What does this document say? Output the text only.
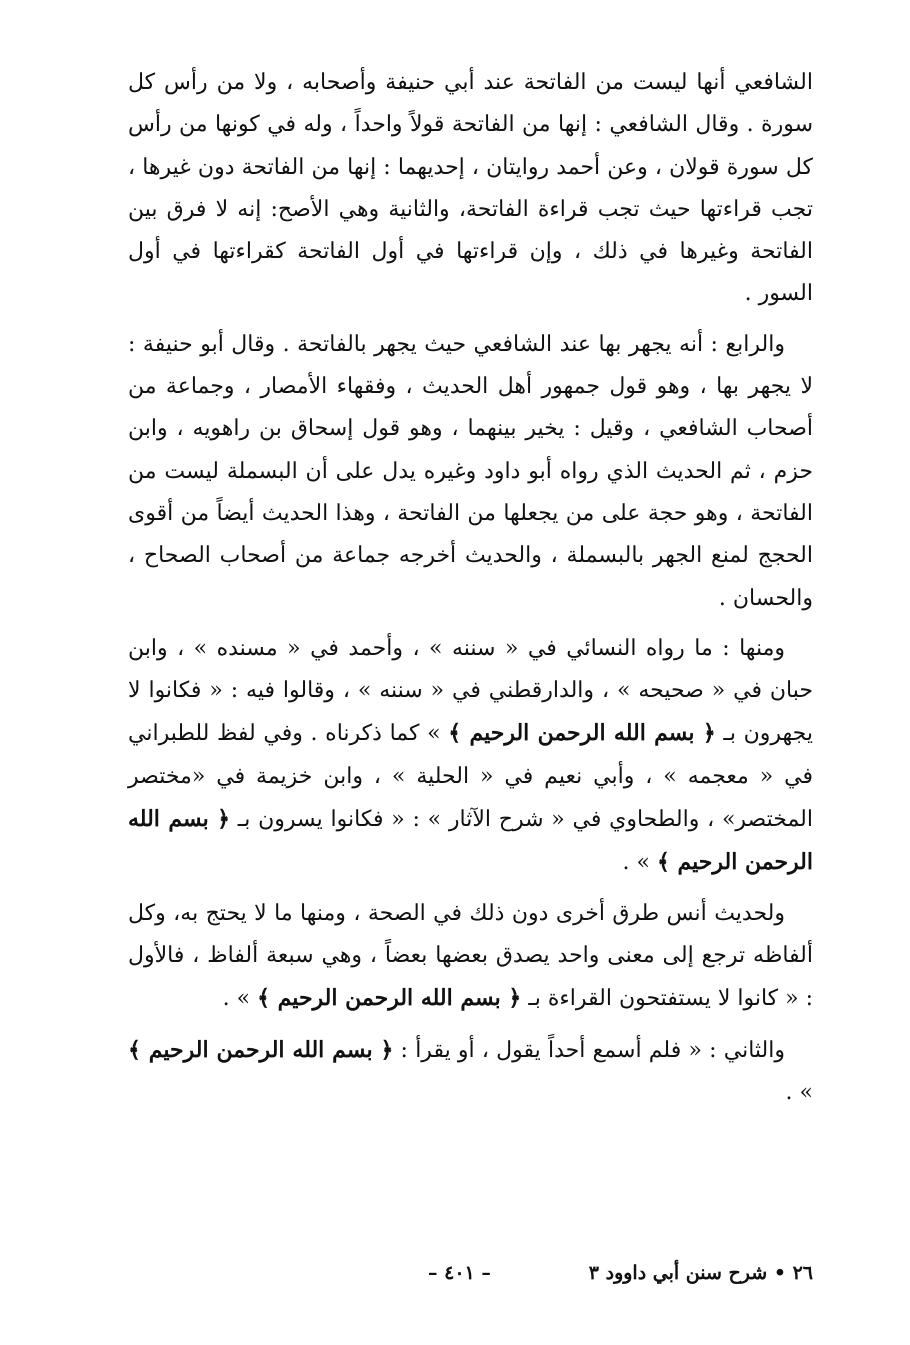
الشافعي أنها ليست من الفاتحة عند أبي حنيفة وأصحابه ، ولا من رأس كل سورة . وقال الشافعي : إنها من الفاتحة قولاً واحداً ، وله في كونها من رأس كل سورة قولان ، وعن أحمد روايتان ، إحديهما : إنها من الفاتحة دون غيرها ، تجب قراءتها حيث تجب قراءة الفاتحة، والثانية وهي الأصح: إنه لا فرق بين الفاتحة وغيرها في ذلك ، وإن قراءتها في أول الفاتحة كقراءتها في أول السور .

والرابع : أنه يجهر بها عند الشافعي حيث يجهر بالفاتحة . وقال أبو حنيفة : لا يجهر بها ، وهو قول جمهور أهل الحديث ، وفقهاء الأمصار ، وجماعة من أصحاب الشافعي ، وقيل : يخير بينهما ، وهو قول إسحاق بن راهويه ، وابن حزم ، ثم الحديث الذي رواه أبو داود وغيره يدل على أن البسملة ليست من الفاتحة ، وهو حجة على من يجعلها من الفاتحة ، وهذا الحديث أيضاً من أقوى الحجج لمنع الجهر بالبسملة ، والحديث أخرجه جماعة من أصحاب الصحاح ، والحسان .

ومنها : ما رواه النسائي في « سننه » ، وأحمد في « مسنده » ، وابن حبان في « صحيحه » ، والدارقطني في « سننه » ، وقالوا فيه : « فكانوا لا يجهرون بـ ﴿ بسم الله الرحمن الرحيم ﴾ » كما ذكرناه . وفي لفظ للطبراني في « معجمه » ، وأبي نعيم في « الحلية » ، وابن خزيمة في «مختصر المختصر» ، والطحاوي في « شرح الآثار » : « فكانوا يسرون بـ ﴿ بسم الله الرحمن الرحيم ﴾ » .

ولحديث أنس طرق أخرى دون ذلك في الصحة ، ومنها ما لا يحتج به، وكل ألفاظه ترجع إلى معنى واحد يصدق بعضها بعضاً ، وهي سبعة ألفاظ ، فالأول : « كانوا لا يستفتحون القراءة بـ ﴿ بسم الله الرحمن الرحيم ﴾ » .

والثاني : « فلم أسمع أحداً يقول ، أو يقرأ : ﴿ بسم الله الرحمن الرحيم ﴾ » .

٢٦ • شرح سنن أبي داوود ٣
– ٤٠١ –
